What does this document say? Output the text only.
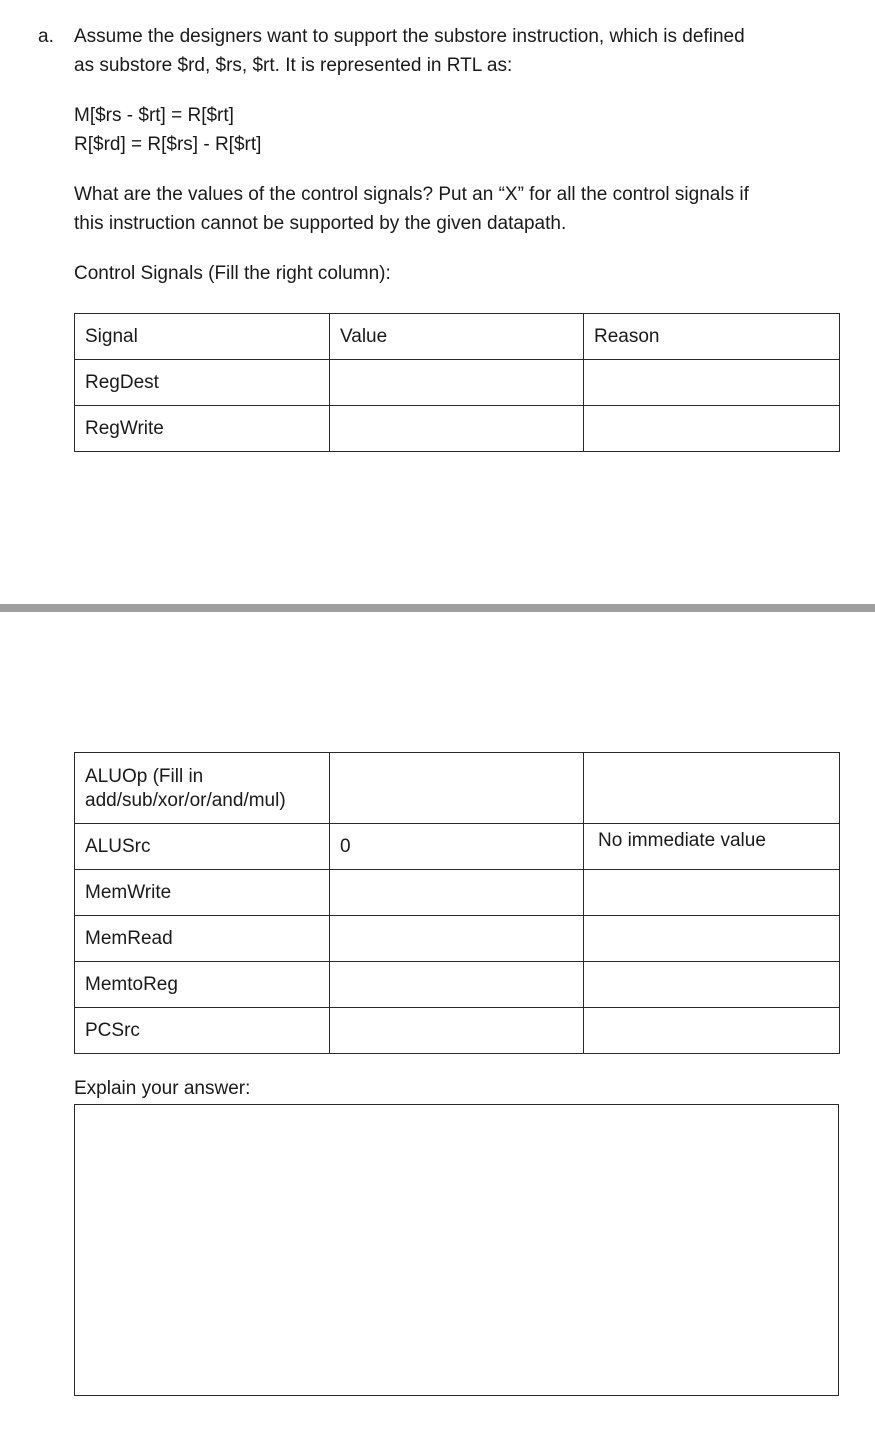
a. Assume the designers want to support the substore instruction, which is defined
as substore $rd, $rs, $rt. It is represented in RTL as:
M[$rs - $rt] = R[$rt]
R[$rd] = R[$rs] - R[$rt]
What are the values of the control signals? Put an “X” for all the control signals if
this instruction cannot be supported by the given datapath.
Control Signals (Fill the right column):
Signal	Value	Reason
RegDest		
RegWrite		
ALUOp (Fill in
add/sub/xor/or/and/mul)		

ALUSrc	0	No immediate value
MemWrite		
MemRead		
MemtoReg		
PCSrc		
Explain your answer:
